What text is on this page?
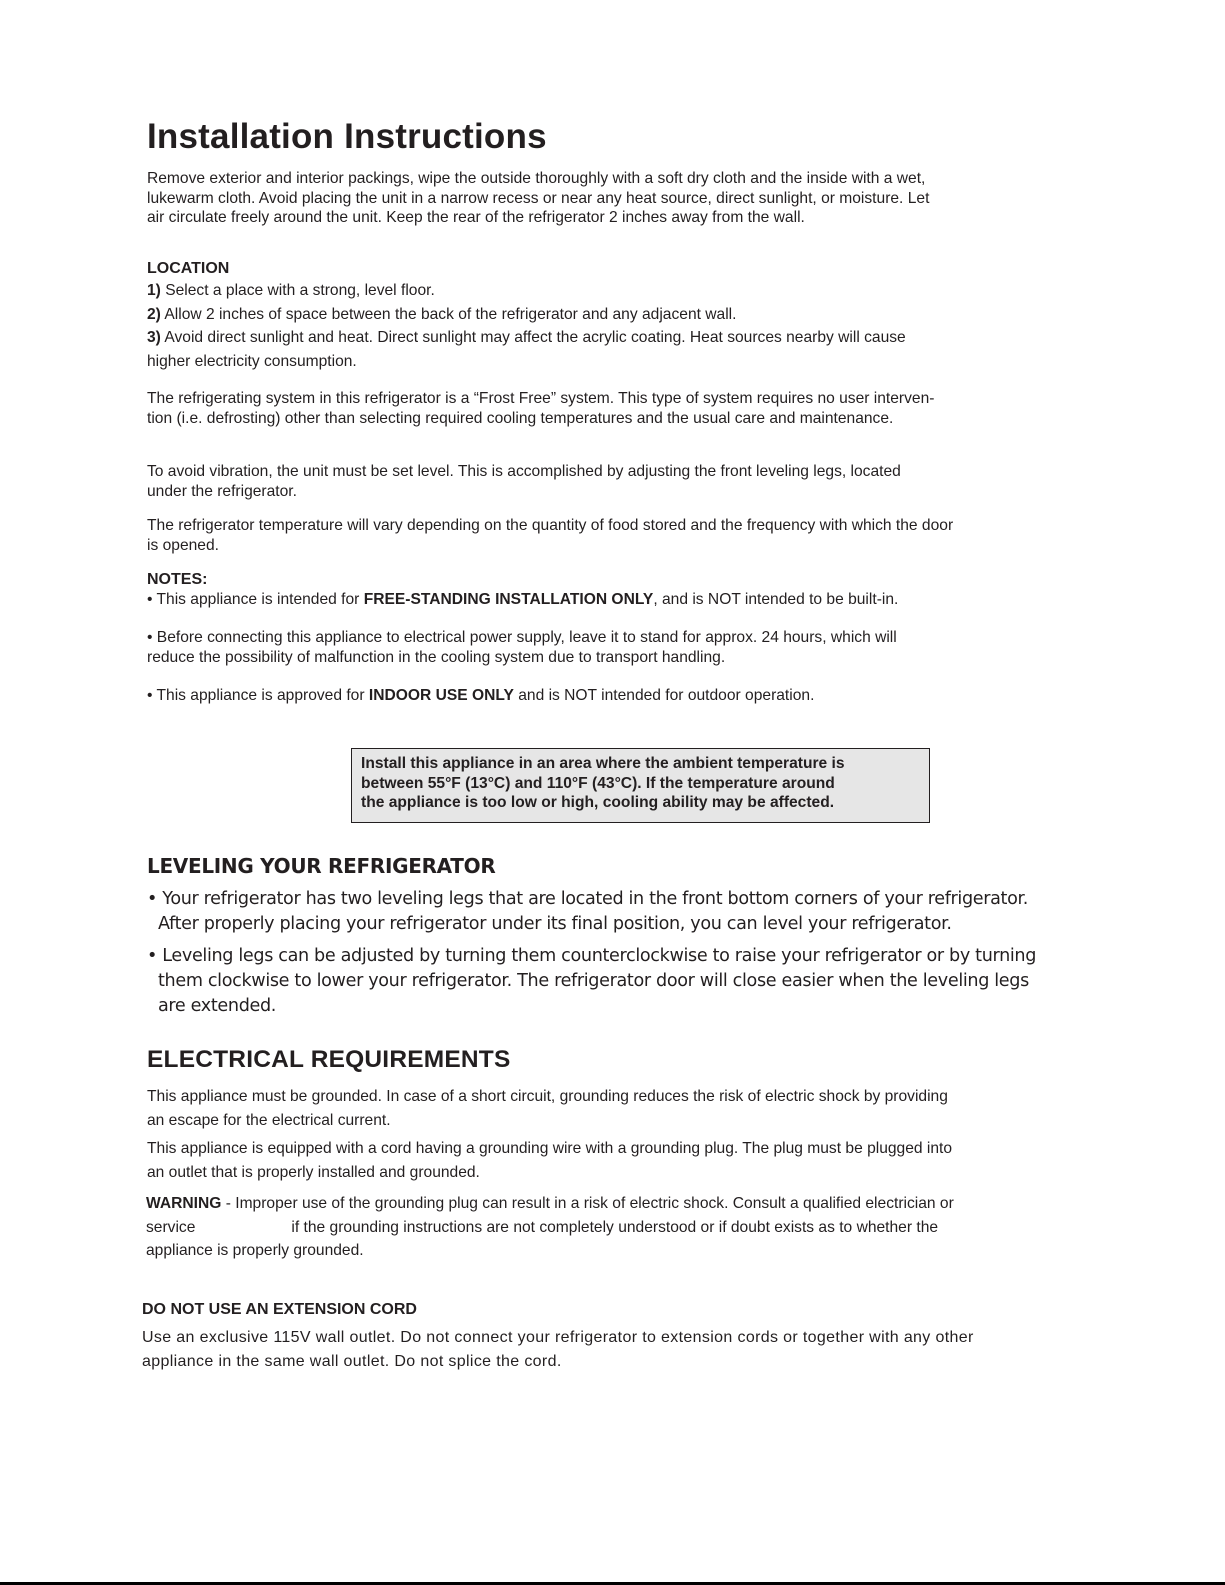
Installation Instructions
Remove exterior and interior packings, wipe the outside thoroughly with a soft dry cloth and the inside with a wet,
lukewarm cloth. Avoid placing the unit in a narrow recess or near any heat source, direct sunlight, or moisture. Let
air circulate freely around the unit. Keep the rear of the refrigerator 2 inches away from the wall.
LOCATION
1) Select a place with a strong, level floor.
2) Allow 2 inches of space between the back of the refrigerator and any adjacent wall.
3) Avoid direct sunlight and heat. Direct sunlight may affect the acrylic coating. Heat sources nearby will cause
higher electricity consumption.
The refrigerating system in this refrigerator is a “Frost Free” system. This type of system requires no user interven-
tion (i.e. defrosting) other than selecting required cooling temperatures and the usual care and maintenance.
To avoid vibration, the unit must be set level. This is accomplished by adjusting the front leveling legs, located
under the refrigerator.
The refrigerator temperature will vary depending on the quantity of food stored and the frequency with which the door
is opened.
NOTES:
• This appliance is intended for FREE-STANDING INSTALLATION ONLY, and is NOT intended to be built-in.
• Before connecting this appliance to electrical power supply, leave it to stand for approx. 24 hours, which will
reduce the possibility of malfunction in the cooling system due to transport handling.
• This appliance is approved for INDOOR USE ONLY and is NOT intended for outdoor operation.
Install this appliance in an area where the ambient temperature is
between 55°F (13°C) and 110°F (43°C). If the temperature around
the appliance is too low or high, cooling ability may be affected.
LEVELING YOUR REFRIGERATOR
• Your refrigerator has two leveling legs that are located in the front bottom corners of your refrigerator.
After properly placing your refrigerator under its final position, you can level your refrigerator.
• Leveling legs can be adjusted by turning them counterclockwise to raise your refrigerator or by turning
them clockwise to lower your refrigerator. The refrigerator door will close easier when the leveling legs
are extended.
ELECTRICAL REQUIREMENTS
This appliance must be grounded. In case of a short circuit, grounding reduces the risk of electric shock by providing
an escape for the electrical current.
This appliance is equipped with a cord having a grounding wire with a grounding plug. The plug must be plugged into
an outlet that is properly installed and grounded.
WARNING - Improper use of the grounding plug can result in a risk of electric shock. Consult a qualified electrician or
service	if the grounding instructions are not completely understood or if doubt exists as to whether the
appliance is properly grounded.
DO NOT USE AN EXTENSION CORD
Use an exclusive 115V wall outlet. Do not connect your refrigerator to extension cords or together with any other
appliance in the same wall outlet. Do not splice the cord.
